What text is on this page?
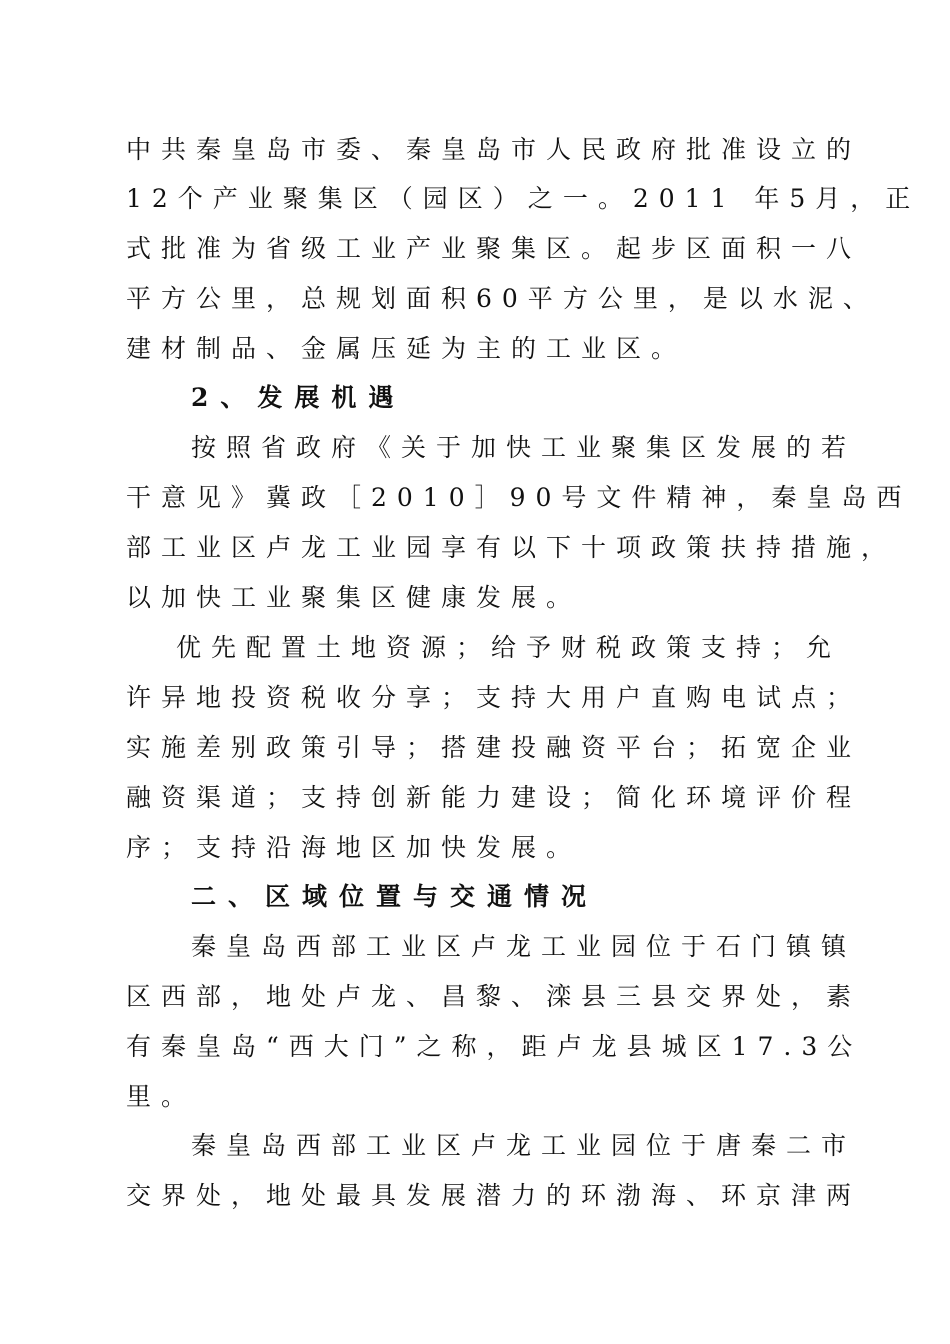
中共秦皇岛市委、秦皇岛市人民政府批准设立的
12个产业聚集区（园区）之一。2011 年5月，正
式批准为省级工业产业聚集区。起步区面积一八
平方公里，总规划面积60平方公里，是以水泥、
建材制品、金属压延为主的工业区。
2、发展机遇
按照省政府《关于加快工业聚集区发展的若
干意见》冀政［2010］90号文件精神，秦皇岛西
部工业区卢龙工业园享有以下十项政策扶持措施，
以加快工业聚集区健康发展。
优先配置土地资源；给予财税政策支持；允
许异地投资税收分享；支持大用户直购电试点；
实施差别政策引导；搭建投融资平台；拓宽企业
融资渠道；支持创新能力建设；简化环境评价程
序；支持沿海地区加快发展。
二、区域位置与交通情况
秦皇岛西部工业区卢龙工业园位于石门镇镇
区西部，地处卢龙、昌黎、滦县三县交界处，素
有秦皇岛“西大门”之称，距卢龙县城区17.3公
里。
秦皇岛西部工业区卢龙工业园位于唐秦二市
交界处，地处最具发展潜力的环渤海、环京津两
